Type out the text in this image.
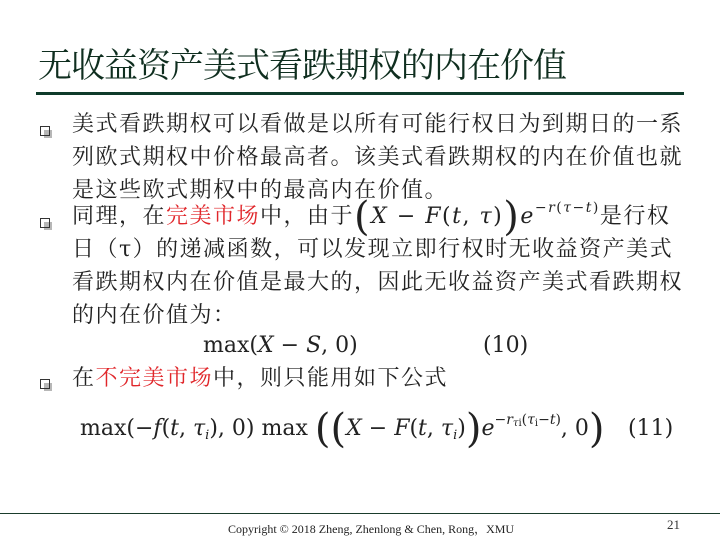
无收益资产美式看跌期权的内在价值
美式看跌期权可以看做是以所有可能行权日为到期日的一系列欧式期权中价格最高者。该美式看跌期权的内在价值也就是这些欧式期权中的最高内在价值。
同理，在完美市场中，由于(X − F(t, $\tau))e^{-r(\tau-t)}$是行权日（τ）的递减函数，可以发现立即行权时无收益资产美式看跌期权内在价值是最大的，因此无收益资产美式看跌期权的内在价值为：
max(X − S, 0)	(10)
在不完美市场中，则只能用如下公式
max(−f(t, $\tau_i$), 0) max ((X − F(t, $\tau_i))e^{-r_{\tau i}(\tau_i-t)}$, 0) (11)
Copyright © 2018 Zheng, Zhenlong & Chen, Rong，XMU	21
